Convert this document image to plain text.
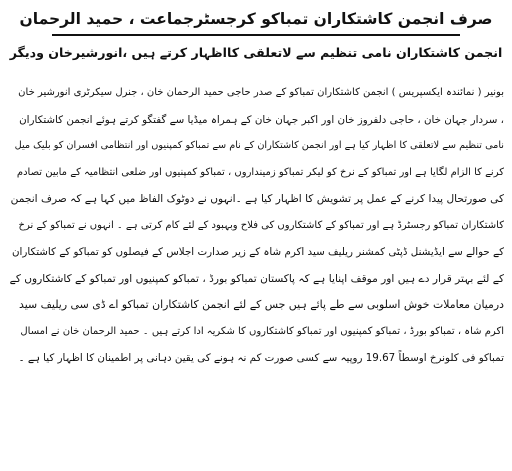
صرف انجمن کاشتکاران تمباکو کرجسٹرجماعت ، حمید الرحمان
انجمن کاشتکاران نامی تنظیم سے لاتعلقی کااظہار کرتے ہیں ،انورشیرخان ودیگر
بونیر ( نمائندہ ایکسپریس ) انجمن کاشتکاران تمباکو کے صدر حاجی حمید الرحمان خان ، جنرل سیکرٹری انورشیر خان
، سردار جہان خان ، حاجی دلفروز خان اور اکبر جہان خان کے ہمراہ میڈیا سے گفتگو کرتے ہوئے انجمن کاشتکاران
نامی تنظیم سے لاتعلقی کا اظہار کیا ہے اور انجمن کاشتکاران کے نام سے تمباکو کمپنیوں اور انتظامی افسران کو بلیک میل
کرنے کا الزام لگایا ہے اور تمباکو کے نرخ کو لیکر تمباکو زمینداروں ، تمباکو کمپنیوں اور ضلعی انتظامیہ کے مابین تصادم
کی صورتحال پیدا کرنے کے عمل پر تشویش کا اظہار کیا ہے ۔انہوں نے دوٹوک الفاظ میں کہا ہے کہ صرف انجمن
کاشتکاران تمباکو رجسٹرڈ ہے اور تمباکو کے کاشتکاروں کی فلاح وبہبود کے لئے کام کرتی ہے ۔ انہوں نے تمباکو کے نرخ
کے حوالے سے ایڈیشنل ڈپٹی کمشنر ریلیف سید اکرم شاہ کے زیر صدارت اجلاس کے فیصلوں کو تمباکو کے کاشتکاران
کے لئے بہتر قرار دے ہیں اور موقف اپنایا ہے کہ پاکستان تمباکو بورڈ ، تمباکو کمپنیوں اور تمباکو کے کاشتکاروں کے
درمیان معاملات خوش اسلوبی سے طے پائے ہیں جس کے لئے انجمن کاشتکاران تمباکو اے ڈی سی ریلیف سید
اکرم شاہ ، تمباکو بورڈ ، تمباکو کمپنیوں اور تمباکو کاشتکاروں کا شکریہ ادا کرتے ہیں ۔ حمید الرحمان خان نے امسال
تمباکو فی کلونرخ اوسطاً 19.67 روپیہ سے کسی صورت کم نہ ہونے کی یقین دہانی پر اطمینان کا اظہار کیا ہے ۔
